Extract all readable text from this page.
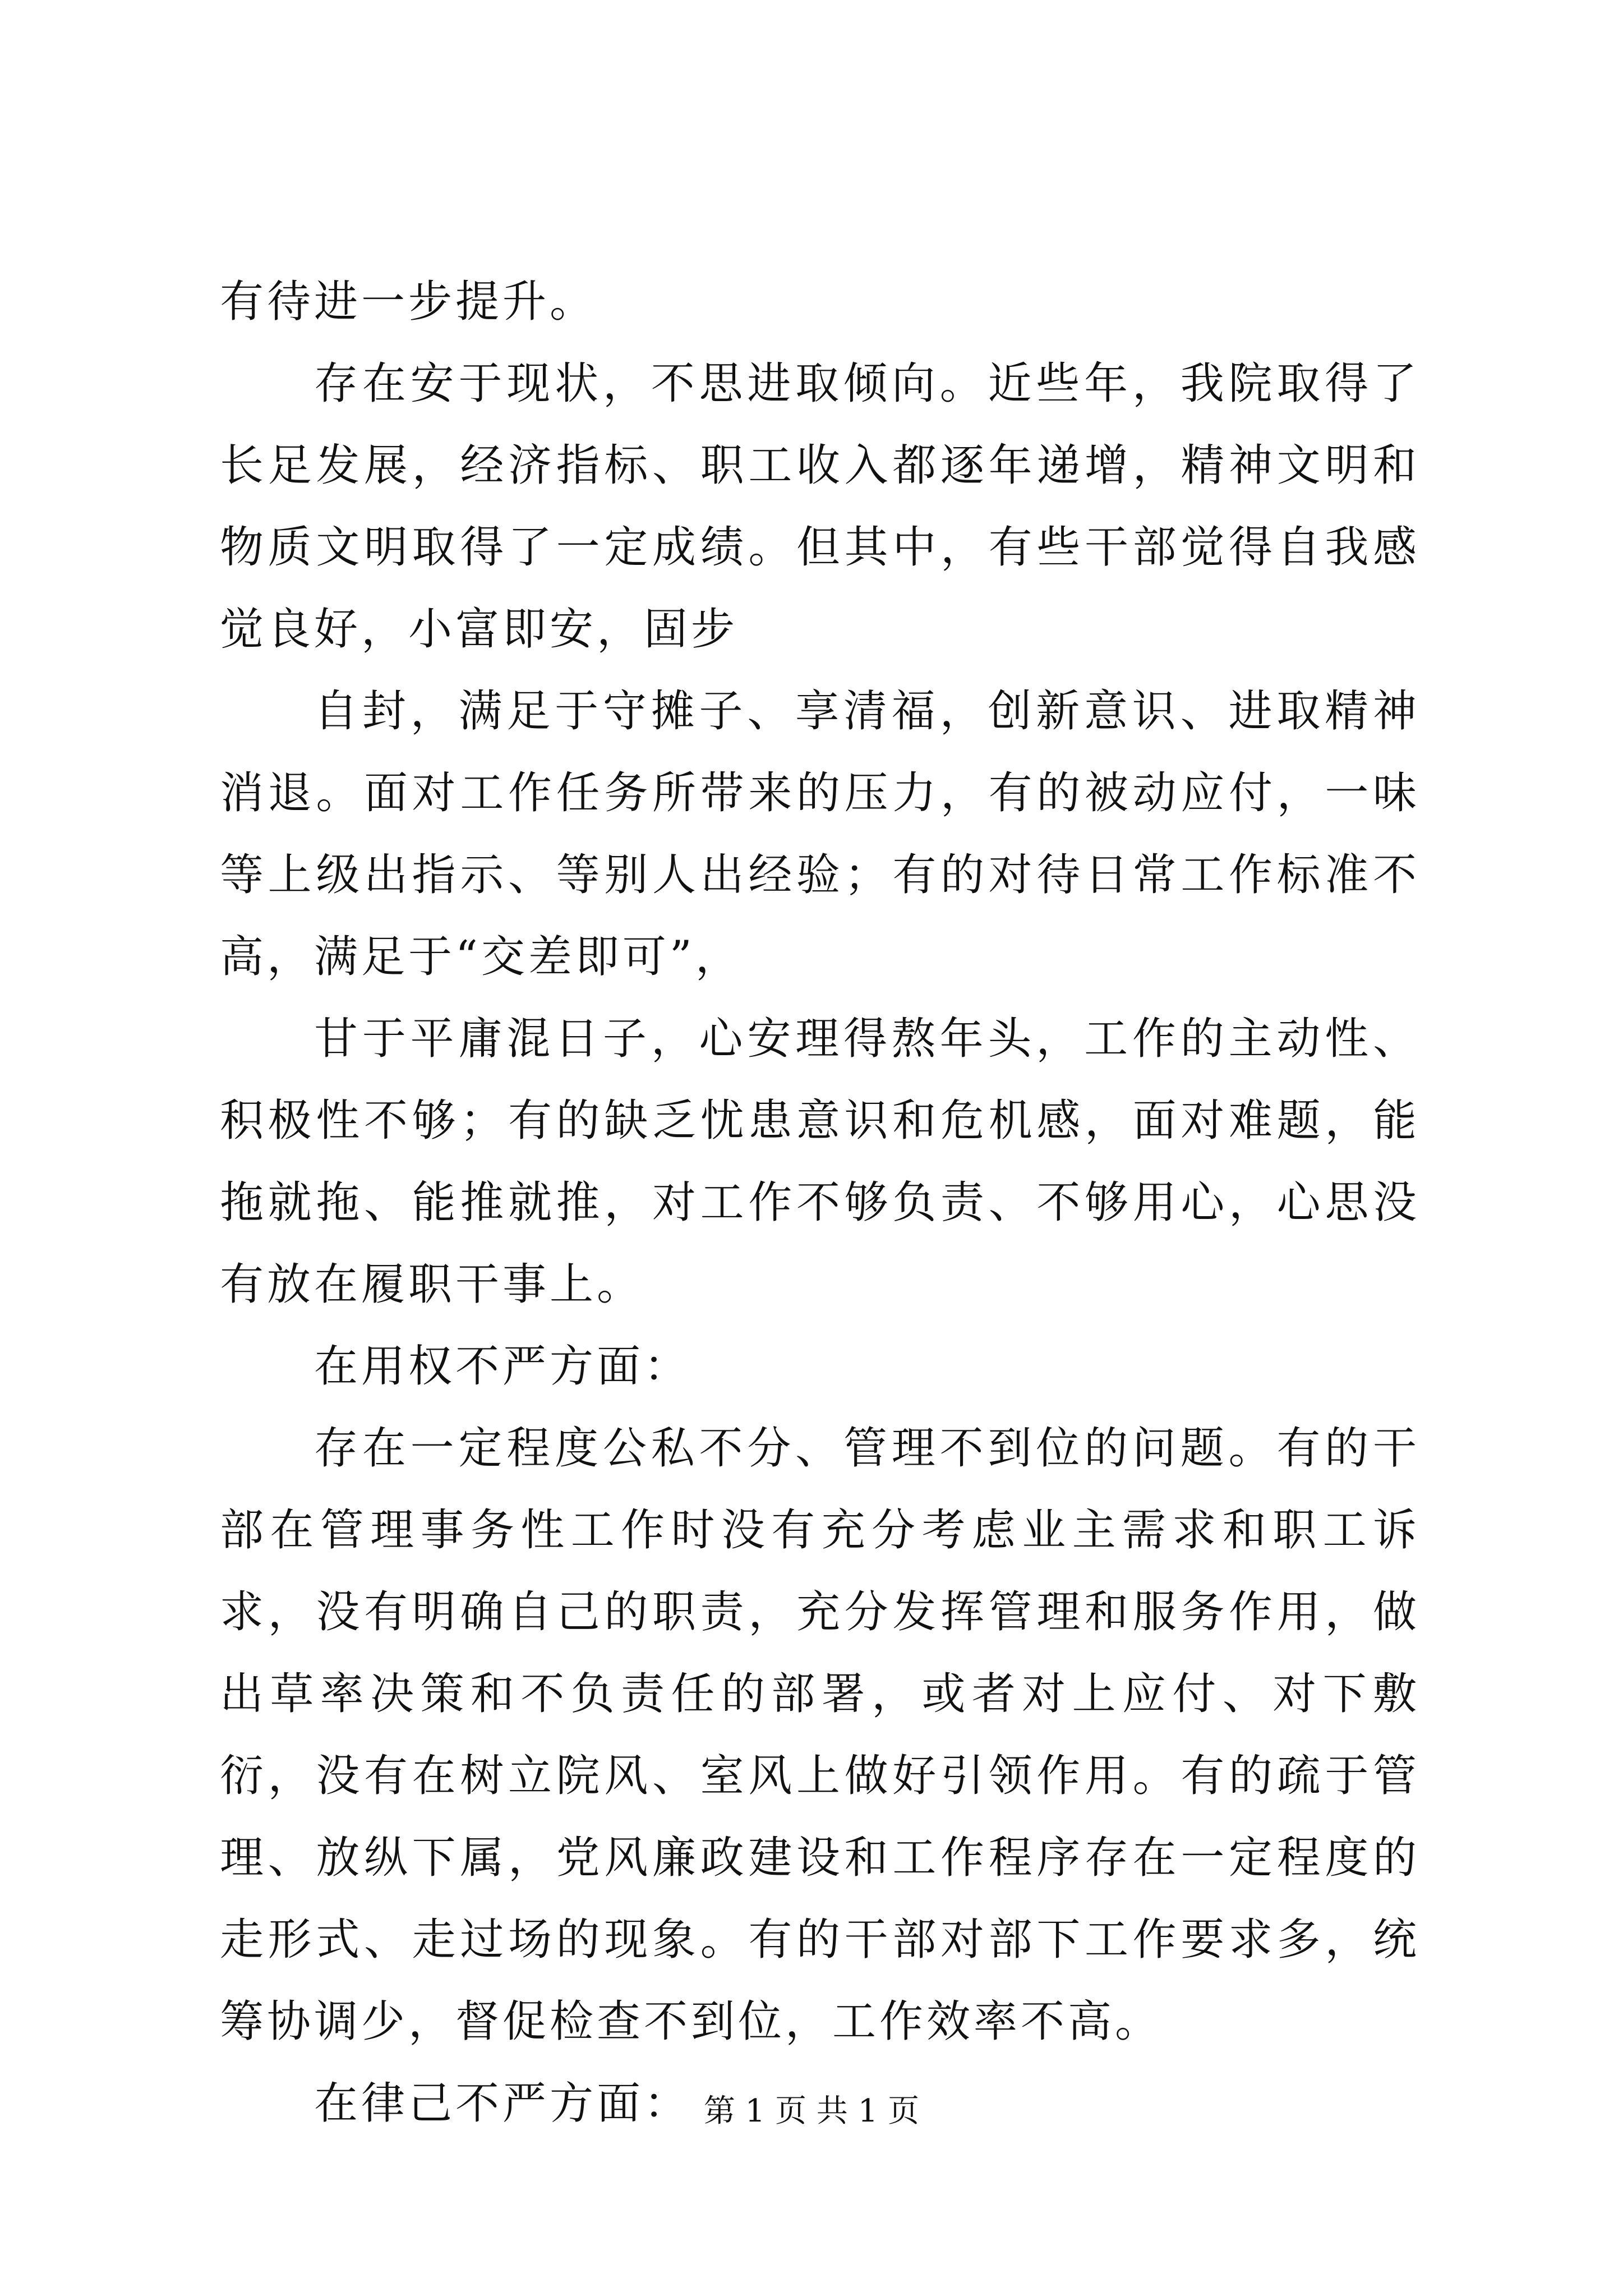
有待进一步提升。

存在安于现状，不思进取倾向。近些年，我院取得了长足发展，经济指标、职工收入都逐年递增，精神文明和物质文明取得了一定成绩。但其中，有些干部觉得自我感觉良好，小富即安，固步

自封，满足于守摊子、享清福，创新意识、进取精神消退。面对工作任务所带来的压力，有的被动应付，一味等上级出指示、等别人出经验；有的对待日常工作标准不高，满足于“交差即可”，

甘于平庸混日子，心安理得熬年头，工作的主动性、积极性不够；有的缺乏忧患意识和危机感，面对难题，能拖就拖、能推就推，对工作不够负责、不够用心，心思没有放在履职干事上。

在用权不严方面：

存在一定程度公私不分、管理不到位的问题。有的干部在管理事务性工作时没有充分考虑业主需求和职工诉求，没有明确自己的职责，充分发挥管理和服务作用，做出草率决策和不负责任的部署，或者对上应付、对下敷衍，没有在树立院风、室风上做好引领作用。有的疏于管理、放纵下属，党风廉政建设和工作程序存在一定程度的走形式、走过场的现象。有的干部对部下工作要求多，统筹协调少，督促检查不到位，工作效率不高。

在律己不严方面： 第 1 页 共 1 页
